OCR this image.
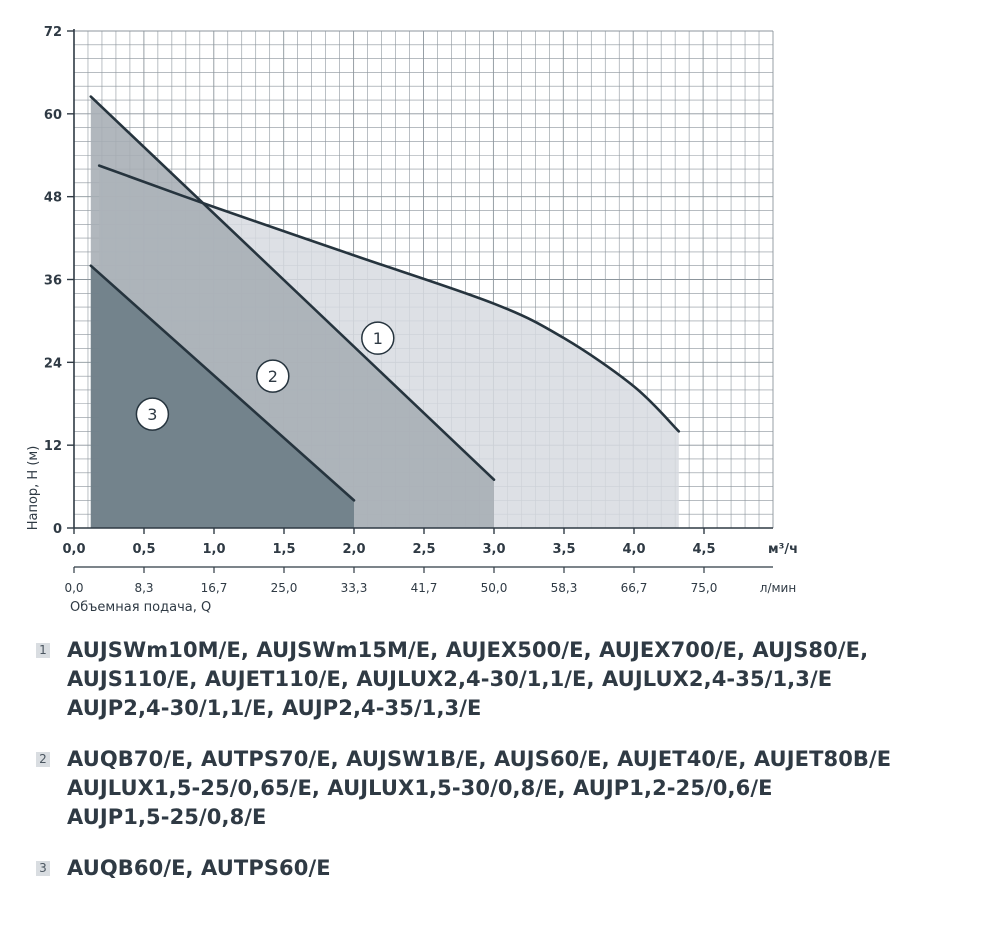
0
12
24
36
48
60
72
0,0	0,5	1,0	1,5	2,0	2,5	3,0	3,5	4,0	4,5	м³/ч
0,0	8,3	16,7	25,0	33,3	41,7	50,0	58,3	66,7	75,0	л/мин
Объемная подача, Q
Напор, H (м)
1
2
3
1 AUJSWm10M/E, AUJSWm15M/E, AUJEX500/E, AUJEX700/E, AUJS80/E,
AUJS110/E, AUJET110/E, AUJLUX2,4-30/1,1/E, AUJLUX2,4-35/1,3/E
AUJP2,4-30/1,1/E, AUJP2,4-35/1,3/E
2 AUQB70/E, AUTPS70/E, AUJSW1B/E, AUJS60/E, AUJET40/E, AUJET80B/E
AUJLUX1,5-25/0,65/E, AUJLUX1,5-30/0,8/E, AUJP1,2-25/0,6/E
AUJP1,5-25/0,8/E
3 AUQB60/E, AUTPS60/E
